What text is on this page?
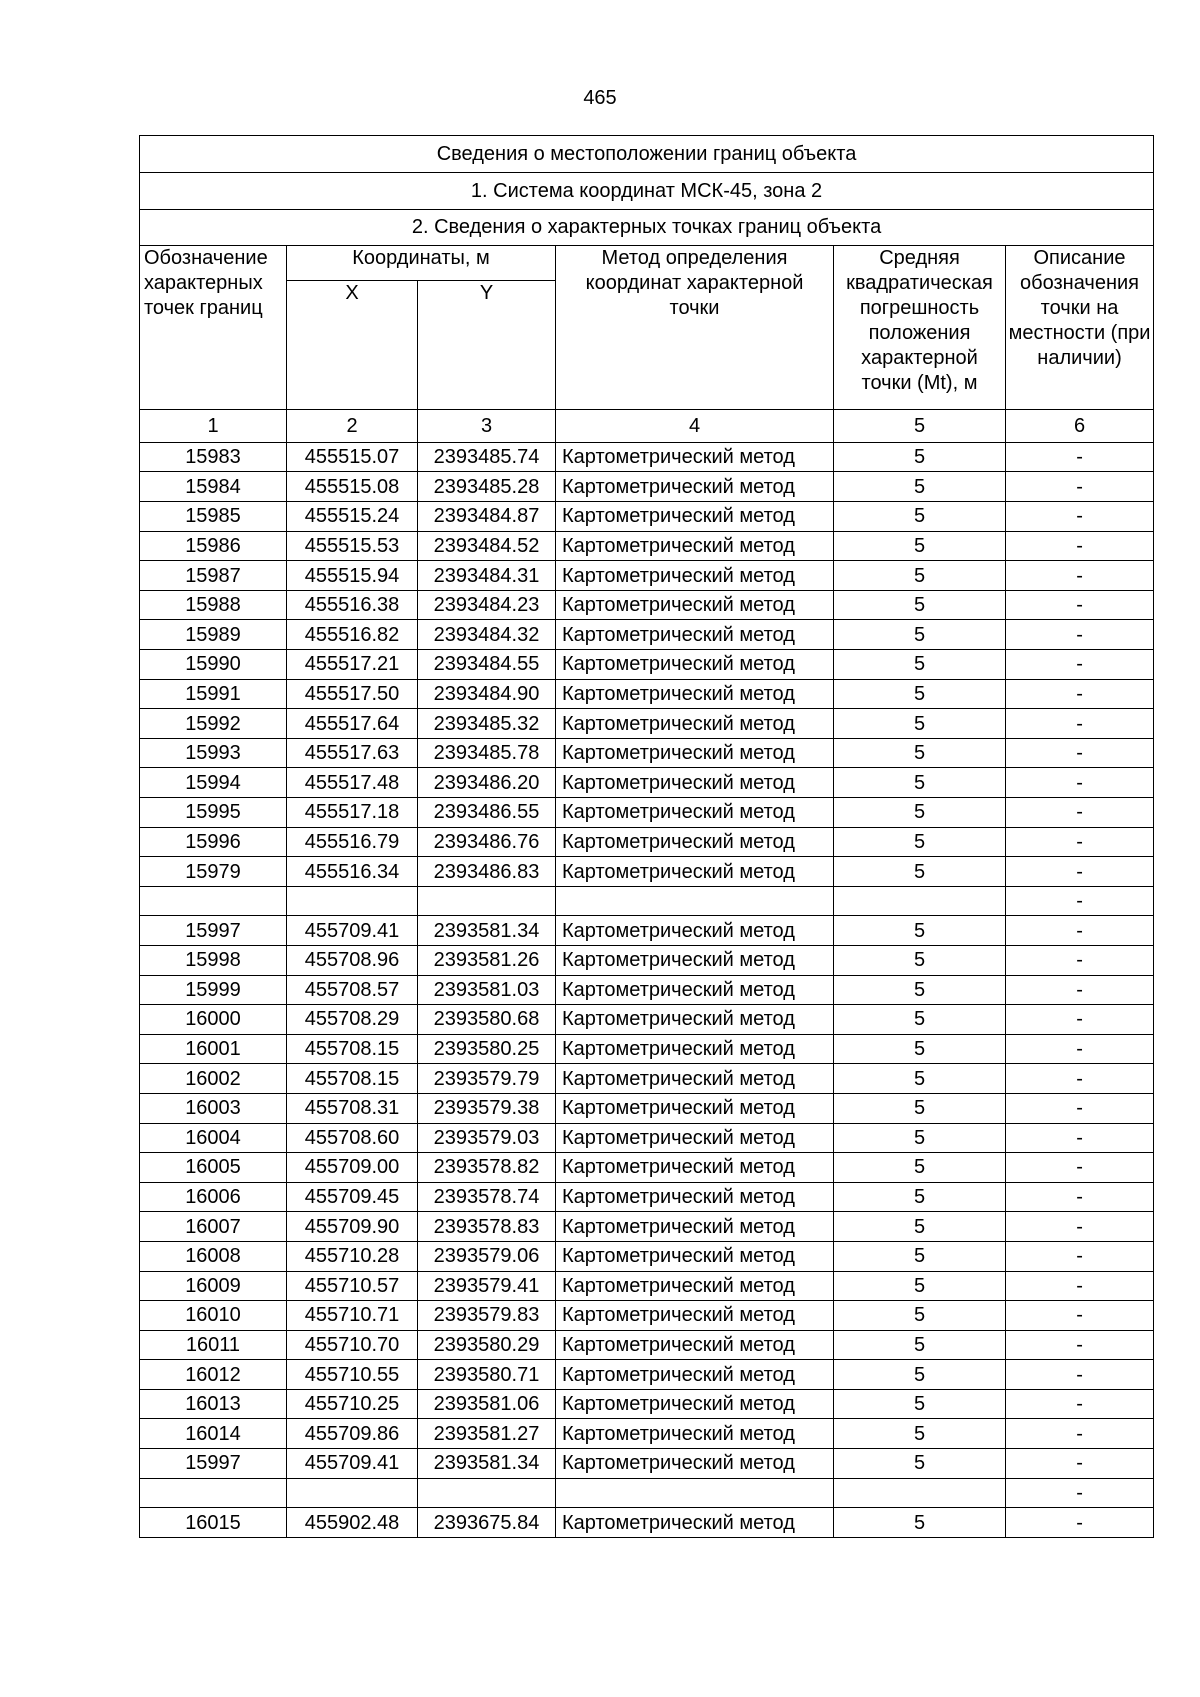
465
Сведения о местоположении границ объекта					
1. Система координат МСК-45, зона 2					
2. Сведения о характерных точках границ объекта					
Обозначение характерных точек границ	Координаты, м		Метод определения координат характерной точки	Средняя квадратическая погрешность положения характерной точки (Mt), м	Описание обозначения точки на местности (при наличии)
	X	Y			
1	2	3	4	5	6
15983	455515.07	2393485.74	Картометрический метод	5	-
15984	455515.08	2393485.28	Картометрический метод	5	-
15985	455515.24	2393484.87	Картометрический метод	5	-
15986	455515.53	2393484.52	Картометрический метод	5	-
15987	455515.94	2393484.31	Картометрический метод	5	-
15988	455516.38	2393484.23	Картометрический метод	5	-
15989	455516.82	2393484.32	Картометрический метод	5	-
15990	455517.21	2393484.55	Картометрический метод	5	-
15991	455517.50	2393484.90	Картометрический метод	5	-
15992	455517.64	2393485.32	Картометрический метод	5	-
15993	455517.63	2393485.78	Картометрический метод	5	-
15994	455517.48	2393486.20	Картометрический метод	5	-
15995	455517.18	2393486.55	Картометрический метод	5	-
15996	455516.79	2393486.76	Картометрический метод	5	-
15979	455516.34	2393486.83	Картометрический метод	5	-
					-
15997	455709.41	2393581.34	Картометрический метод	5	-
15998	455708.96	2393581.26	Картометрический метод	5	-
15999	455708.57	2393581.03	Картометрический метод	5	-
16000	455708.29	2393580.68	Картометрический метод	5	-
16001	455708.15	2393580.25	Картометрический метод	5	-
16002	455708.15	2393579.79	Картометрический метод	5	-
16003	455708.31	2393579.38	Картометрический метод	5	-
16004	455708.60	2393579.03	Картометрический метод	5	-
16005	455709.00	2393578.82	Картометрический метод	5	-
16006	455709.45	2393578.74	Картометрический метод	5	-
16007	455709.90	2393578.83	Картометрический метод	5	-
16008	455710.28	2393579.06	Картометрический метод	5	-
16009	455710.57	2393579.41	Картометрический метод	5	-
16010	455710.71	2393579.83	Картометрический метод	5	-
16011	455710.70	2393580.29	Картометрический метод	5	-
16012	455710.55	2393580.71	Картометрический метод	5	-
16013	455710.25	2393581.06	Картометрический метод	5	-
16014	455709.86	2393581.27	Картометрический метод	5	-
15997	455709.41	2393581.34	Картометрический метод	5	-
					-
16015	455902.48	2393675.84	Картометрический метод	5	-
